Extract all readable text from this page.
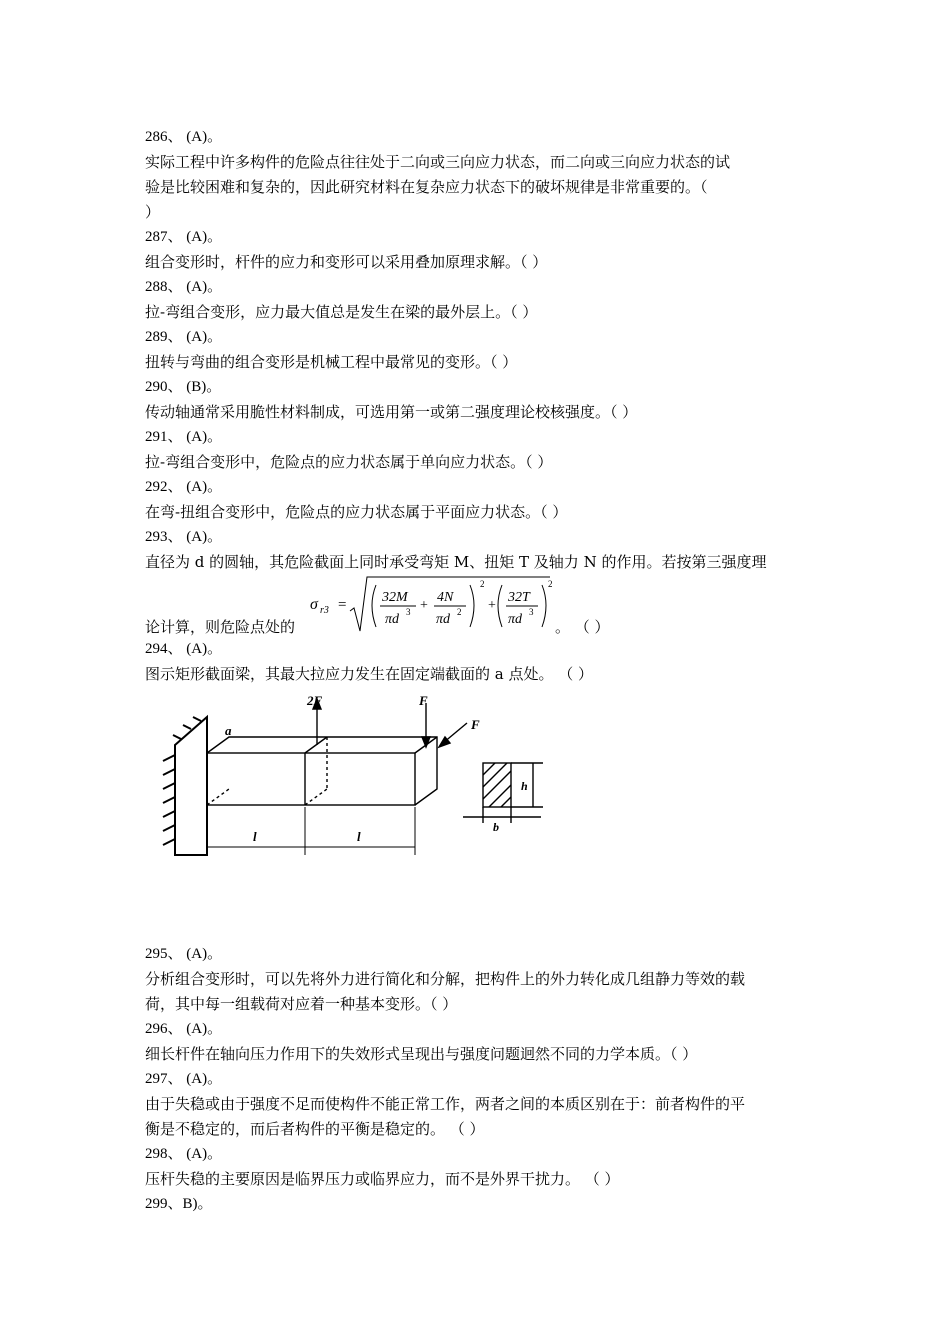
286、 (A)。
实际工程中许多构件的危险点往往处于二向或三向应力状态，而二向或三向应力状态的试
验是比较困难和复杂的，因此研究材料在复杂应力状态下的破坏规律是非常重要的。（
）
287、 (A)。
组合变形时，杆件的应力和变形可以采用叠加原理求解。（ ）
288、 (A)。
拉-弯组合变形，应力最大值总是发生在梁的最外层上。（ ）
289、 (A)。
扭转与弯曲的组合变形是机械工程中最常见的变形。（ ）
290、 (B)。
传动轴通常采用脆性材料制成，可选用第一或第二强度理论校核强度。（ ）
291、 (A)。
拉-弯组合变形中，危险点的应力状态属于单向应力状态。（ ）
292、 (A)。
在弯-扭组合变形中，危险点的应力状态属于平面应力状态。（ ）
293、 (A)。
直径为 d 的圆轴，其危险截面上同时承受弯矩 M、扭矩 T 及轴力 N 的作用。若按第三强度理
论计算，则危险点处的
σ r3 =	32M
πd 3 +
4N
πd 2
2
+
32T
πd 3
2
。 （ ）
294、 (A)。
图示矩形截面梁，其最大拉应力发生在固定端截面的 a 点处。 （ ）
2F	F
F
a
l	l
b
h
295、 (A)。
分析组合变形时，可以先将外力进行简化和分解，把构件上的外力转化成几组静力等效的载
荷，其中每一组载荷对应着一种基本变形。（ ）
296、 (A)。
细长杆件在轴向压力作用下的失效形式呈现出与强度问题迥然不同的力学本质。（ ）
297、 (A)。
由于失稳或由于强度不足而使构件不能正常工作，两者之间的本质区别在于：前者构件的平
衡是不稳定的，而后者构件的平衡是稳定的。 （ ）
298、 (A)。
压杆失稳的主要原因是临界压力或临界应力，而不是外界干扰力。 （ ）
299、B)。
